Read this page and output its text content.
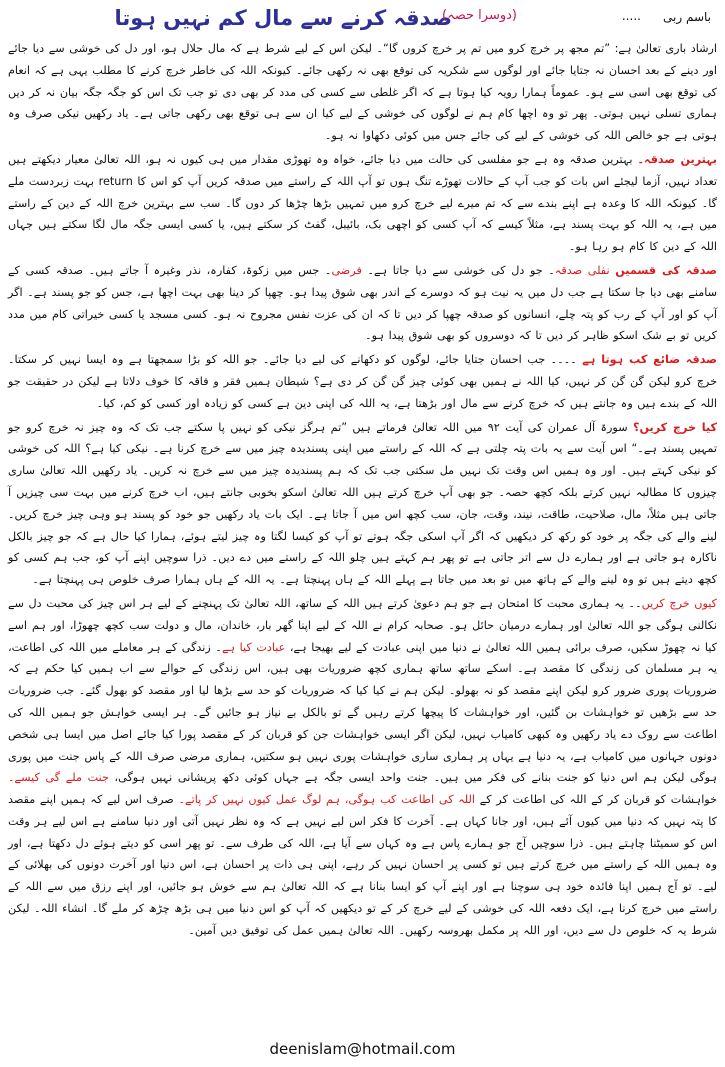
باسم ربی
.....
صدقہ کرنے سے مال کم نہیں ہوتا
(دوسرا حصہ)

ارشاد باری تعالیٰ ہے: ”تم مجھ پر خرچ کرو میں تم پر خرچ کروں گا“۔ لیکن اس کے لیے شرط ہے کہ مال حلال ہو، اور دل کی خوشی سے دیا جائے اور دینے کے بعد احسان نہ جتایا جائے اور لوگوں سے شکریہ کی توقع بھی نہ رکھی جائے۔ کیونکہ اللہ کی خاطر خرچ کرنے کا مطلب یہی ہے کہ انعام کی توقع بھی اسی سے ہو۔ عموماً ہمارا رویہ کیا ہوتا ہے کہ اگر غلطی سے کسی کی مدد کر بھی دی تو جب تک اس کو جگہ جگہ بیان نہ کر دیں ہماری تسلی نہیں ہوتی۔ پھر تو وہ اچھا کام ہم نے لوگوں کی خوشی کے لیے کیا ان سے ہی توقع بھی رکھی جاتی ہے۔ یاد رکھیں نیکی صرف وہ ہوتی ہے جو خالص اللہ کی خوشی کے لیے کی جائے جس میں کوئی دکھاوا نہ ہو۔

بہترین صدقہ۔ بہترین صدقہ وہ ہے جو مفلسی کی حالت میں دیا جائے، خواہ وہ تھوڑی مقدار میں ہی کیوں نہ ہو، اللہ تعالیٰ معیار دیکھتے ہیں تعداد نہیں، آزما لیجئے اس بات کو جب آپ کے حالات تھوڑے تنگ ہوں تو آپ اللہ کے راستے میں صدقہ کریں آپ کو اس کا return بہت زبردست ملے گا۔ کیونکہ اللہ کا وعدہ ہے اپنے بندے سے کہ تم میرے لیے خرچ کرو میں تمہیں بڑھا چڑھا کر دوں گا۔ سب سے بہترین خرچ اللہ کے دین کے راستے میں ہے، یہ اللہ کو بہت پسند ہے، مثلاً کیسے کہ آپ کسی کو اچھی بک، بائیبل، گفٹ کر سکتے ہیں، یا کسی ایسی جگہ مال لگا سکتے ہیں جہاں اللہ کے دین کا کام ہو رہا ہو۔

صدقہ کی قسمیں نفلی صدقہ۔ جو دل کی خوشی سے دیا جاتا ہے۔ فرضی۔ جس میں زکوۃ، کفارہ، نذر وغیرہ آ جاتے ہیں۔ صدقہ کسی کے سامنے بھی دیا جا سکتا ہے جب دل میں یہ نیت ہو کہ دوسرے کے اندر بھی شوق پیدا ہو۔ چھپا کر دینا بھی بہت اچھا ہے، جس کو جو پسند ہے۔ اگر آپ کو اور آپ کے رب کو پتہ چلے، انسانوں کو صدقہ چھپا کر دیں تا کہ ان کی عزت نفس مجروح نہ ہو۔ کسی مسجد یا کسی خیراتی کام میں مدد کریں تو بے شک اسکو ظاہر کر دیں تا کہ دوسروں کو بھی شوق پیدا ہو۔

صدقہ ضائع کب ہوتا ہے ۔۔۔۔ جب احسان جتایا جائے، لوگوں کو دکھانے کی لیے دیا جائے۔ جو اللہ کو بڑا سمجھتا ہے وہ ایسا نہیں کر سکتا۔ خرچ کرو لیکن گن گن کر نہیں، کیا اللہ نے ہمیں بھی کوئی چیز گن گن کر دی ہے؟ شیطان ہمیں فقر و فاقہ کا خوف دلاتا ہے لیکن در حقیقت جو اللہ کے بندے ہیں وہ جانتے ہیں کہ خرچ کرنے سے مال اور بڑھتا ہے، یہ اللہ کی اپنی دین ہے کسی کو زیادہ اور کسی کو کم، کیا۔

کیا خرچ کریں؟ سورۃ آل عمران کی آیت ۹۲ میں اللہ تعالیٰ فرماتے ہیں ”تم ہرگز نیکی کو نہیں پا سکتے جب تک کہ وہ چیز نہ خرچ کرو جو تمہیں پسند ہے۔“ اس آیت سے یہ بات پتہ چلتی ہے کہ اللہ کے راستے میں اپنی پسندیدہ چیز میں سے خرچ کرنا ہے۔ نیکی کیا ہے؟ اللہ کی خوشی کو نیکی کہتے ہیں۔ اور وہ ہمیں اس وقت تک نہیں مل سکتی جب تک کہ ہم پسندیدہ چیز میں سے خرچ نہ کریں۔ یاد رکھیں اللہ تعالیٰ ساری چیزوں کا مطالبہ نہیں کرتے بلکہ کچھ حصہ۔ جو بھی آپ خرچ کرتے ہیں اللہ تعالیٰ اسکو بخوبی جانتے ہیں، اب خرچ کرنے میں بہت سی چیزیں آ جاتی ہیں مثلاً، مال، صلاحیت، طاقت، نیند، وقت، جان، سب کچھ اس میں آ جاتا ہے۔ ایک بات یاد رکھیں جو خود کو پسند ہو وہی چیز خرچ کریں۔ لینے والے کی جگہ پر خود کو رکھ کر دیکھیں کہ اگر آپ اسکی جگہ ہوتے تو آپ کو کیسا لگتا وہ چیز لیتے ہوئے، ہمارا کیا حال ہے کہ جو چیز بالکل ناکارہ ہو جاتی ہے اور ہمارے دل سے اتر جاتی ہے تو پھر ہم کہتے ہیں چلو اللہ کے راستے میں دے دیں۔ ذرا سوچیں اپنے آپ کو، جب ہم کسی کو کچھ دیتے ہیں تو وہ لینے والے کے ہاتھ میں تو بعد میں جاتا ہے پہلے اللہ کے ہاں پہنچتا ہے۔ یہ اللہ کے ہاں ہمارا صرف خلوص ہی پہنچتا ہے۔

کیوں خرچ کریں۔۔ یہ ہماری محبت کا امتحان ہے جو ہم دعویٰ کرتے ہیں اللہ کے ساتھ، اللہ تعالیٰ تک پہنچنے کے لیے ہر اس چیز کی محبت دل سے نکالنی ہوگی جو اللہ تعالیٰ اور ہمارے درمیان حائل ہو۔ صحابہ کرام نے اللہ کے لیے اپنا گھر بار، خاندان، مال و دولت سب کچھ چھوڑا، اور ہم اسے کیا نہ چھوڑ سکیں، صرف برائی ہمیں اللہ تعالیٰ نے دنیا میں اپنی عبادت کے لیے بھیجا ہے، عبادت کیا ہے۔ زندگی کے ہر معاملے میں اللہ کی اطاعت، یہ ہر مسلمان کی زندگی کا مقصد ہے۔ اسکے ساتھ ساتھ ہماری کچھ ضروریات بھی ہیں، اس زندگی کے حوالے سے اب ہمیں کیا حکم ہے کہ ضروریات پوری ضرور کرو لیکن اپنے مقصد کو نہ بھولو۔ لیکن ہم نے کیا کیا کہ ضروریات کو حد سے بڑھا لیا اور مقصد کو بھول گئے۔ جب ضروریات حد سے بڑھیں تو خواہشات بن گئیں، اور خواہشات کا پیچھا کرتے رہیں گے تو بالکل بے نیاز ہو جائیں گے۔ ہر ایسی خواہش جو ہمیں اللہ کی اطاعت سے روک دے یاد رکھیں وہ کبھی کامیاب نہیں، لیکن اگر ایسی خواہشات جن کو قربان کر کے مقصد پورا کیا جائے اصل میں ایسا ہی شخص دونوں جہانوں میں کامیاب ہے، یہ دنیا ہے یہاں پر ہماری ساری خواہشات پوری نہیں ہو سکتیں، ہماری مرضی صرف اللہ کے پاس جنت میں پوری ہوگی لیکن ہم اس دنیا کو جنت بنانے کی فکر میں ہیں۔ جنت واحد ایسی جگہ ہے جہاں کوئی دکھ پریشانی نہیں ہوگی، جنت ملے گی کیسے۔ خواہشات کو قربان کر کے اللہ کی اطاعت کر کے اللہ کی اطاعت کب ہوگی، ہم لوگ عمل کیوں نہیں کر پاتے۔ صرف اس لیے کہ ہمیں اپنے مقصد کا پتہ نہیں کہ دنیا میں کیوں آئے ہیں، اور جانا کہاں ہے۔ آخرت کا فکر اس لیے نہیں ہے کہ وہ نظر نہیں آتی اور دنیا سامنے ہے اس لیے ہر وقت اس کو سمیٹنا چاہتے ہیں۔ ذرا سوچیں آج جو ہمارے پاس ہے وہ کہاں سے آیا ہے، اللہ کی طرف سے۔ تو پھر اسی کو دیتے ہوئے دل دکھتا ہے، اور وہ ہمیں اللہ کے راستے میں خرچ کرتے ہیں تو کسی پر احسان نہیں کر رہے، اپنی ہی ذات پر احسان ہے، اس دنیا اور آخرت دونوں کی بھلائی کے لیے۔ تو آج ہمیں اپنا فائدہ خود ہی سوچنا ہے اور اپنے آپ کو ایسا بنانا ہے کہ اللہ تعالیٰ ہم سے خوش ہو جائیں، اور اپنے رزق میں سے اللہ کے راستے میں خرچ کرنا ہے، ایک دفعہ اللہ کی خوشی کے لیے خرچ کر کے تو دیکھیں کہ آپ کو اس دنیا میں ہی بڑھ چڑھ کر ملے گا۔ انشاء اللہ۔ لیکن شرط یہ کہ خلوص دل سے دیں، اور اللہ پر مکمل بھروسہ رکھیں۔ اللہ تعالیٰ ہمیں عمل کی توفیق دیں آمین۔

deenislam@hotmail.com
